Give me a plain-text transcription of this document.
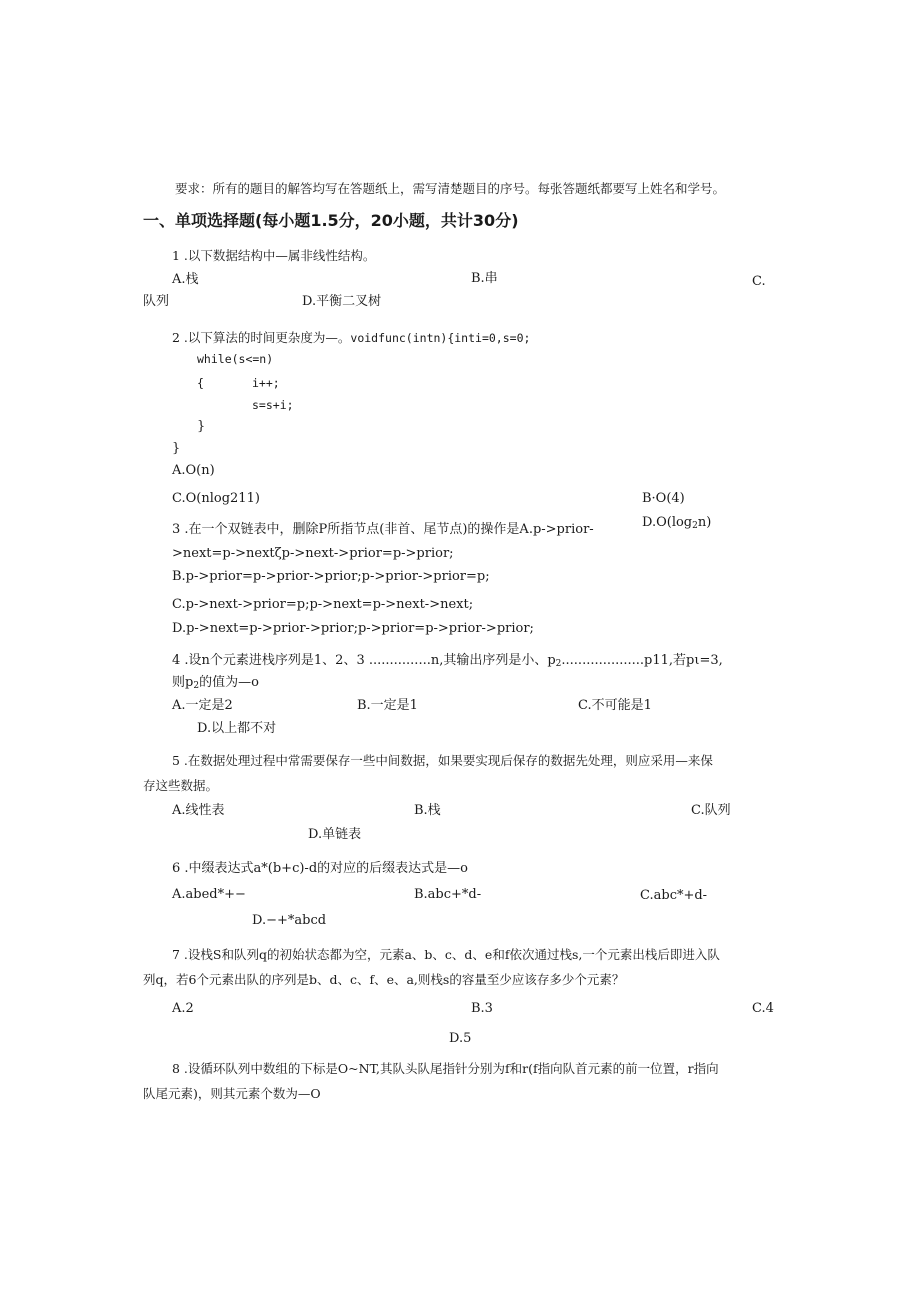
要求：所有的题目的解答均写在答题纸上，需写清楚题目的序号。每张答题纸都要写上姓名和学号。
一、单项选择题(每小题1.5分，20小题，共计30分)
1 .以下数据结构中—属非线性结构。
A.栈	B.串	C.
队列	D.平衡二叉树
2 .以下算法的时间更杂度为—。voidfunc(intn){inti=0,s=0;
while(s<=n)
{	i++;
s=s+i;
}
}
A.O(n)
C.O(nlog211)	B·O(4)
$D.O(\log_2n)$
3 .在一个双链表中，删除P所指节点(非首、尾节点)的操作是A.p->prior-
>next=p->nextζp->next->prior=p->prior;
B.p->prior=p->prior->prior;p->prior->prior=p;
C.p->next->prior=p;p->next=p->next->next;
D.p->next=p->prior->prior;p->prior=p->prior->prior;
4 .设n个元素进栈序列是1、2、3 ...............n,其输出序列是小、$p_2....................p11$,若pι=3,
则$p_2$的值为—o
A.一定是2	B.一定是1	C.不可能是1
D.以上都不对
5 .在数据处理过程中常需要保存一些中间数据，如果要实现后保存的数据先处理，则应采用—来保
存这些数据。
A.线性表	B.栈	C.队列
D.单链表
6 .中缀表达式a*(b+c)-d的对应的后缀表达式是—o
A.abed*+−	B.abc+*d-	C.abc*+d-
D.−+*abcd
7 .设栈S和队列q的初始状态都为空，元素a、b、c、d、e和f依次通过栈s,一个元素出栈后即进入队
列q，若6个元素出队的序列是b、d、c、f、e、a,则栈s的容量至少应该存多少个元素？
A.2	B.3	C.4
D.5
8 .设循环队列中数组的下标是O~NT,其队头队尾指针分别为f和r(f指向队首元素的前一位置，r指向
队尾元素)，则其元素个数为—O
